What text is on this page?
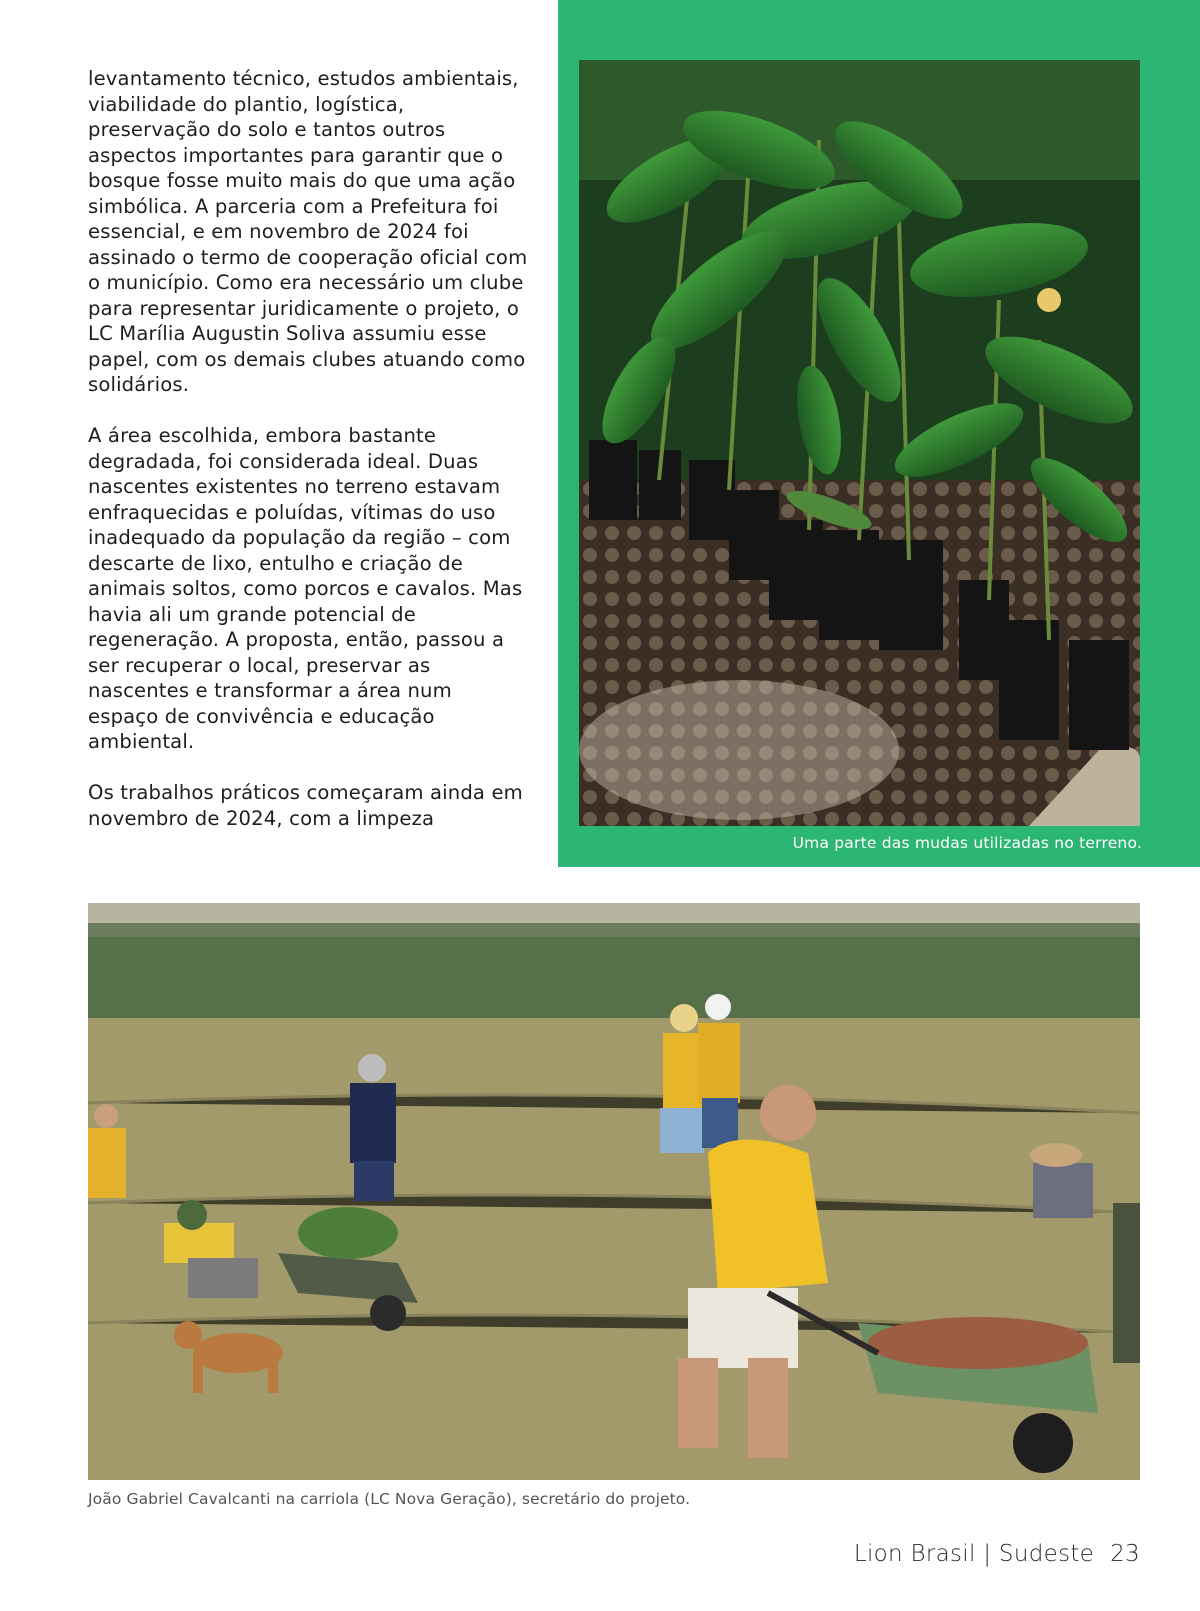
levantamento técnico, estudos ambientais, viabilidade do plantio, logística, preservação do solo e tantos outros aspectos importantes para garantir que o bosque fosse muito mais do que uma ação simbólica. A parceria com a Prefeitura foi essencial, e em novembro de 2024 foi assinado o termo de cooperação oficial com o município. Como era necessário um clube para representar juridicamente o projeto, o LC Marília Augustin Soliva assumiu esse papel, com os demais clubes atuando como solidários.

A área escolhida, embora bastante degradada, foi considerada ideal. Duas nascentes existentes no terreno estavam enfraquecidas e poluídas, vítimas do uso inadequado da população da região – com descarte de lixo, entulho e criação de animais soltos, como porcos e cavalos. Mas havia ali um grande potencial de regeneração. A proposta, então, passou a ser recuperar o local, preservar as nascentes e transformar a área num espaço de convivência e educação ambiental.

Os trabalhos práticos começaram ainda em novembro de 2024, com a limpeza

Uma parte das mudas utilizadas no terreno.
João Gabriel Cavalcanti na carriola (LC Nova Geração), secretário do projeto.
Lion Brasil | Sudeste 23
